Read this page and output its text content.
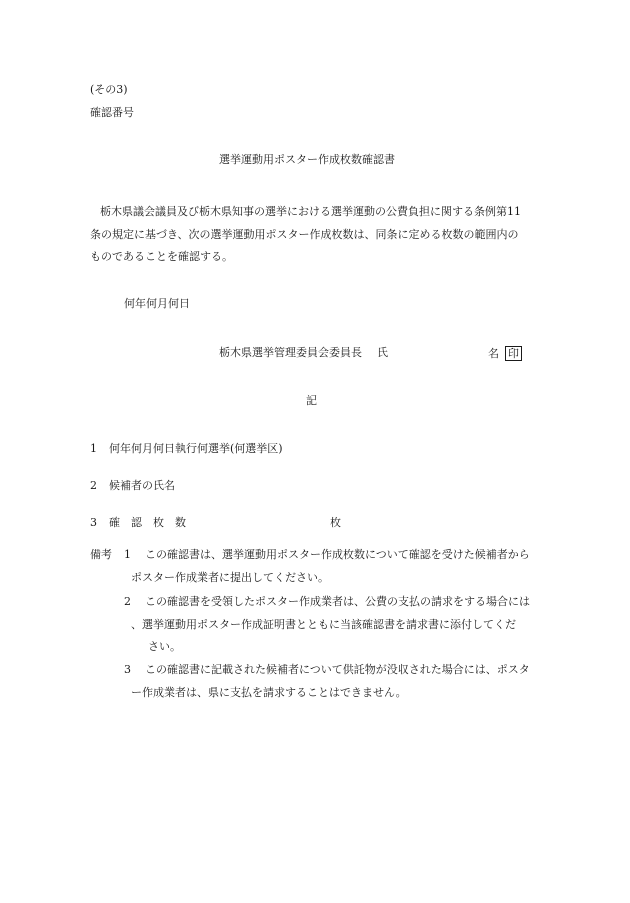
(その3)
確認番号
選挙運動用ポスター作成枚数確認書
栃木県議会議員及び栃木県知事の選挙における選挙運動の公費負担に関する条例第11
条の規定に基づき、次の選挙運動用ポスター作成枚数は、同条に定める枚数の範囲内の
ものであることを確認する。
何年何月何日
栃木県選挙管理委員会委員長 氏	名 印
記
1 何年何月何日執行何選挙(何選挙区)
2 候補者の氏名
3 確　認　枚　数	枚
備考 1 この確認書は、選挙運動用ポスター作成枚数について確認を受けた候補者から
ポスター作成業者に提出してください。
2 この確認書を受領したポスター作成業者は、公費の支払の請求をする場合には
、選挙運動用ポスター作成証明書とともに当該確認書を請求書に添付してくだ
さい。
3 この確認書に記載された候補者について供託物が没収された場合には、ポスタ
ー作成業者は、県に支払を請求することはできません。
